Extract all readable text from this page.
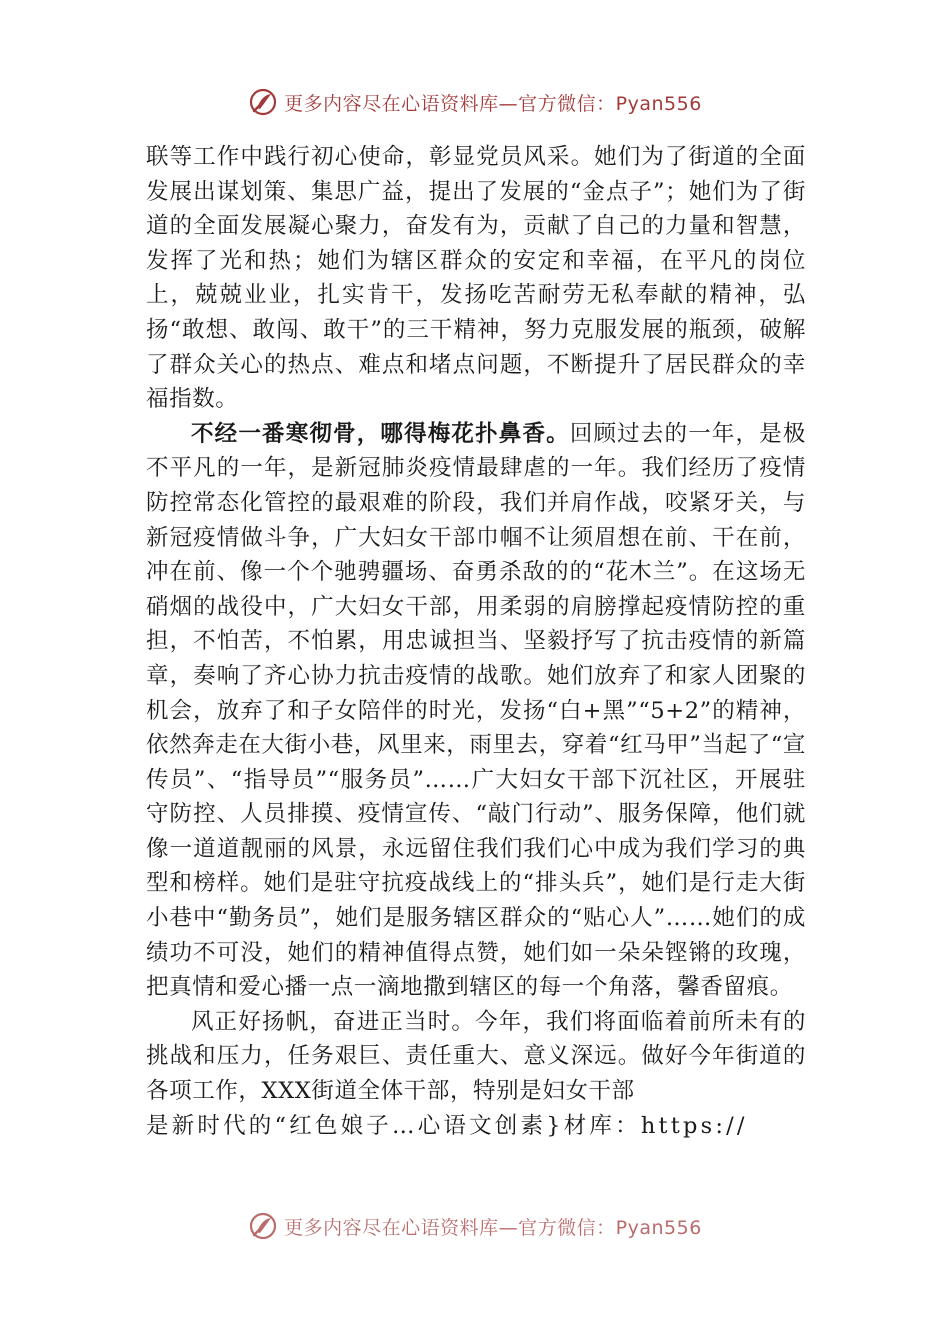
更多内容尽在心语资料库—官方微信：Pyan556

联等工作中践行初心使命，彰显党员风采。她们为了街道的全面发展出谋划策、集思广益，提出了发展的“金点子”；她们为了街道的全面发展凝心聚力，奋发有为，贡献了自己的力量和智慧，发挥了光和热；她们为辖区群众的安定和幸福，在平凡的岗位上，兢兢业业，扎实肯干，发扬吃苦耐劳无私奉献的精神，弘扬“敢想、敢闯、敢干”的三干精神，努力克服发展的瓶颈，破解了群众关心的热点、难点和堵点问题，不断提升了居民群众的幸福指数。

不经一番寒彻骨，哪得梅花扑鼻香。回顾过去的一年，是极不平凡的一年，是新冠肺炎疫情最肆虐的一年。我们经历了疫情防控常态化管控的最艰难的阶段，我们并肩作战，咬紧牙关，与新冠疫情做斗争，广大妇女干部巾帼不让须眉想在前、干在前，冲在前、像一个个驰骋疆场、奋勇杀敌的的“花木兰”。在这场无硝烟的战役中，广大妇女干部，用柔弱的肩膀撑起疫情防控的重担，不怕苦，不怕累，用忠诚担当、坚毅抒写了抗击疫情的新篇章，奏响了齐心协力抗击疫情的战歌。她们放弃了和家人团聚的机会，放弃了和子女陪伴的时光，发扬“白+黑”“5+2”的精神，依然奔走在大街小巷，风里来，雨里去，穿着“红马甲”当起了“宣传员”、“指导员”“服务员”……广大妇女干部下沉社区，开展驻守防控、人员排摸、疫情宣传、“敲门行动”、服务保障，他们就像一道道靓丽的风景，永远留住我们我们心中成为我们学习的典型和榜样。她们是驻守抗疫战线上的“排头兵”，她们是行走大街小巷中“勤务员”，她们是服务辖区群众的“贴心人”……她们的成绩功不可没，她们的精神值得点赞，她们如一朵朵铿锵的玫瑰，把真情和爱心播一点一滴地撒到辖区的每一个角落，馨香留痕。

风正好扬帆，奋进正当时。今年，我们将面临着前所未有的挑战和压力，任务艰巨、责任重大、意义深远。做好今年街道的各项工作，XXX街道全体干部，特别是妇女干部

是新时代的“红色娘子…心语文创素}材库：https://

更多内容尽在心语资料库—官方微信：Pyan556
